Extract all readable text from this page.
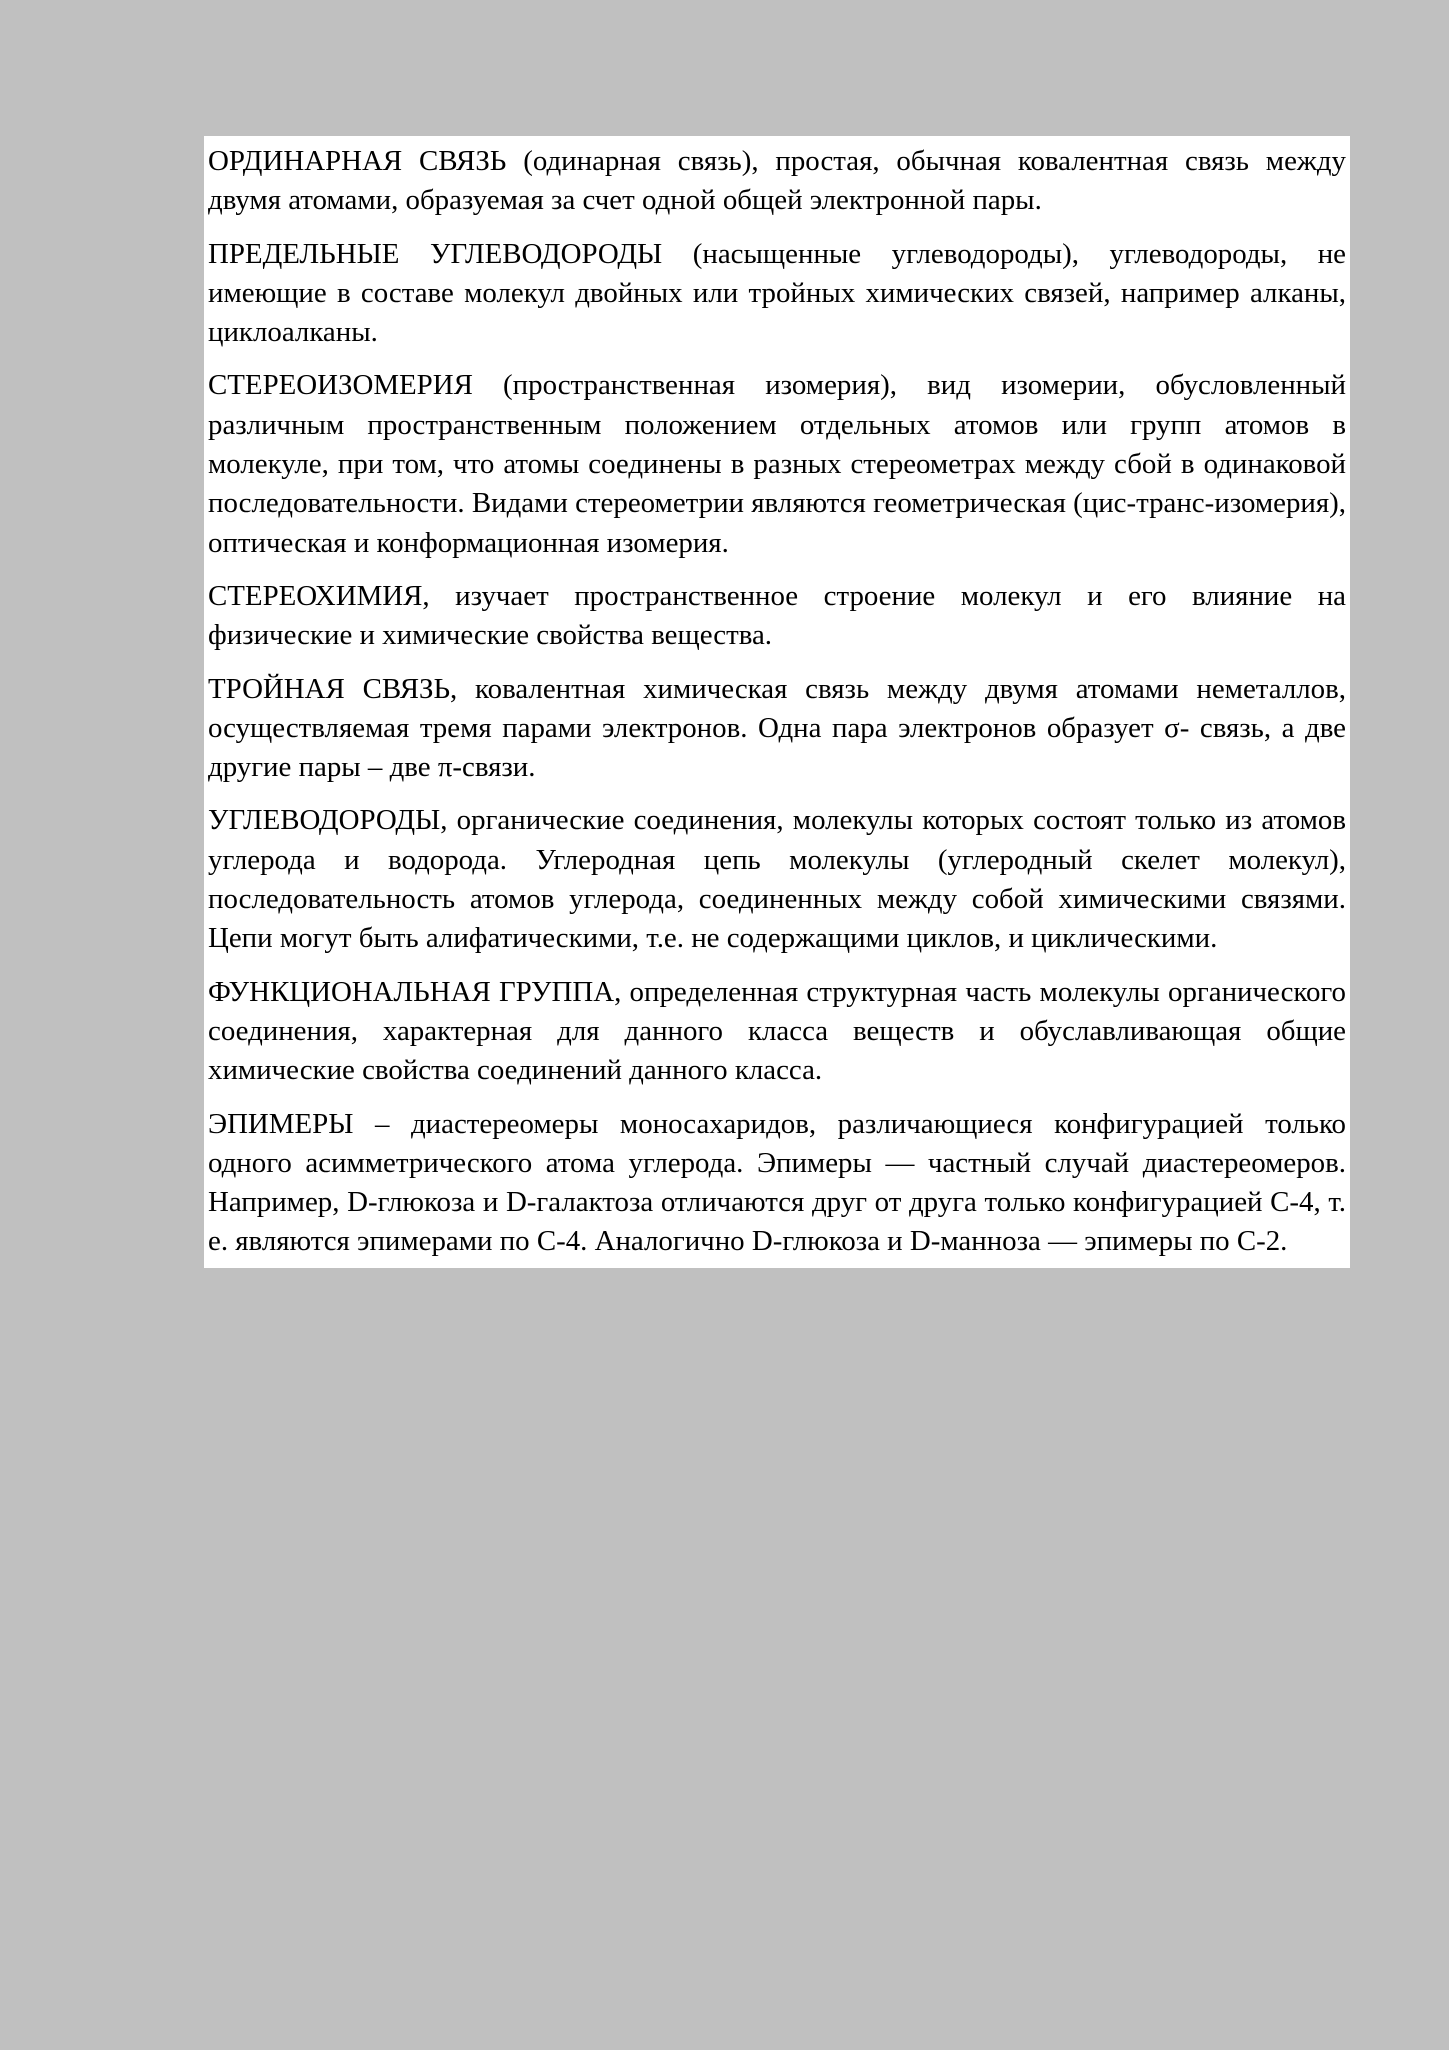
ОРДИНАРНАЯ СВЯЗЬ (одинарная связь), простая, обычная ковалентная связь между двумя атомами, образуемая за счет одной общей электронной пары.

ПРЕДЕЛЬНЫЕ УГЛЕВОДОРОДЫ (насыщенные углеводороды), углеводороды, не имеющие в составе молекул двойных или тройных химических связей, например алканы, циклоалканы.

СТЕРЕОИЗОМЕРИЯ (пространственная изомерия), вид изомерии, обусловленный различным пространственным положением отдельных атомов или групп атомов в молекуле, при том, что атомы соединены в разных стереометрах между сбой в одинаковой последовательности. Видами стереометрии являются геометрическая (цис-транс-изомерия), оптическая и конформационная изомерия.

СТЕРЕОХИМИЯ, изучает пространственное строение молекул и его влияние на физические и химические свойства вещества.

ТРОЙНАЯ СВЯЗЬ, ковалентная химическая связь между двумя атомами неметаллов, осуществляемая тремя парами электронов. Одна пара электронов образует σ- связь, а две другие пары – две π-связи.

УГЛЕВОДОРОДЫ, органические соединения, молекулы которых состоят только из атомов углерода и водорода. Углеродная цепь молекулы (углеродный скелет молекул), последовательность атомов углерода, соединенных между собой химическими связями. Цепи могут быть алифатическими, т.е. не содержащими циклов, и циклическими.

ФУНКЦИОНАЛЬНАЯ ГРУППА, определенная структурная часть молекулы органического соединения, характерная для данного класса веществ и обуславливающая общие химические свойства соединений данного класса.

ЭПИМЕРЫ – диастереомеры моносахаридов, различающиеся конфигурацией только одного асимметрического атома углерода. Эпимеры — частный случай диастереомеров. Например, D-глюкоза и D-галактоза отличаются друг от друга только конфигурацией С-4, т. е. являются эпимерами по С-4. Аналогично D-глюкоза и D-манноза — эпимеры по С-2.
